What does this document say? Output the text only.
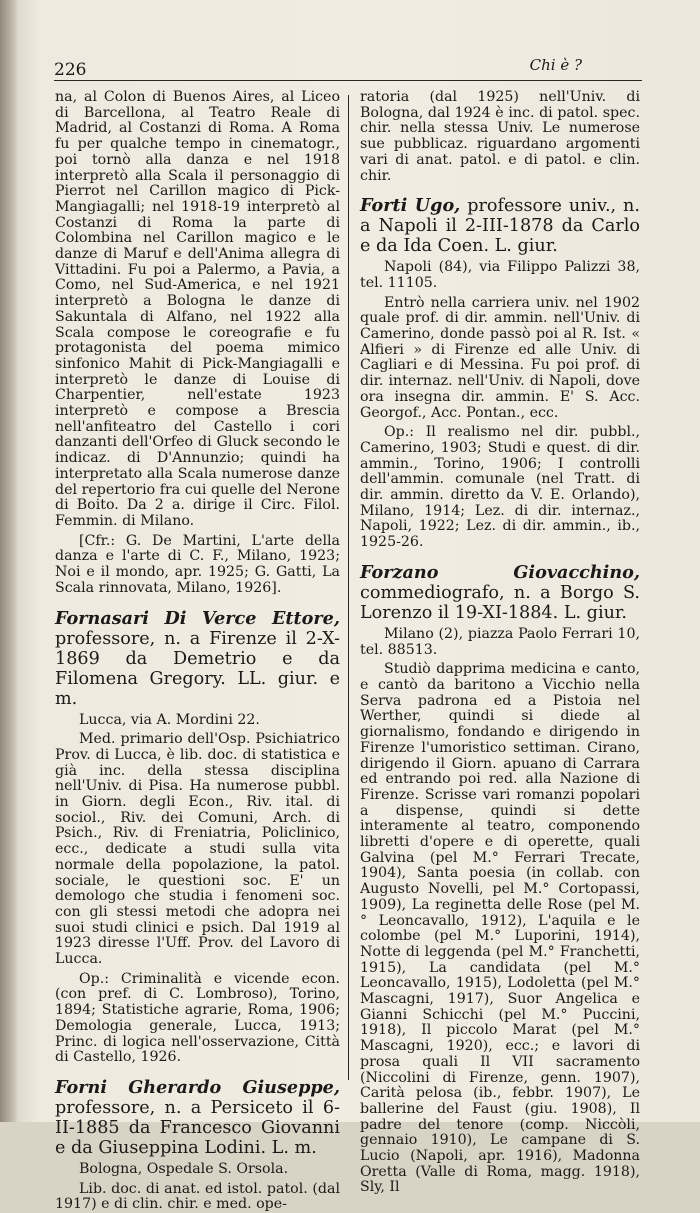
226	Chi è ?

na, al Colon di Buenos Aires, al Liceo di Barcellona, al Teatro Reale di Madrid, al Costanzi di Roma. A Roma fu per qualche tempo in cinematogr., poi tornò alla danza e nel 1918 interpretò alla Scala il personaggio di Pierrot nel Carillon magico di Pick-Mangiagalli; nel 1918-19 interpretò al Costanzi di Roma la parte di Colombina nel Carillon magico e le danze di Maruf e dell'Anima allegra di Vittadini. Fu poi a Palermo, a Pavia, a Como, nel Sud-America, e nel 1921 interpretò a Bologna le danze di Sakuntala di Alfano, nel 1922 alla Scala compose le coreografie e fu protagonista del poema mimico sinfonico Mahit di Pick-Mangiagalli e interpretò le danze di Louise di Charpentier, nell'estate 1923 interpretò e compose a Brescia nell'anfiteatro del Castello i cori danzanti dell'Orfeo di Gluck secondo le indicaz. di D'Annunzio; quindi ha interpretato alla Scala numerose danze del repertorio fra cui quelle del Nerone di Boito. Da 2 a. dirige il Circ. Filol. Femmin. di Milano.

[Cfr.: G. De Martini, L'arte della danza e l'arte di C. F., Milano, 1923; Noi e il mondo, apr. 1925; G. Gatti, La Scala rinnovata, Milano, 1926].

Fornasari Di Verce Ettore, professore, n. a Firenze il 2-X-1869 da Demetrio e da Filomena Gregory. LL. giur. e m.

Lucca, via A. Mordini 22.

Med. primario dell'Osp. Psichiatrico Prov. di Lucca, è lib. doc. di statistica e già inc. della stessa disciplina nell'Univ. di Pisa. Ha numerose pubbl. in Giorn. degli Econ., Riv. ital. di sociol., Riv. dei Comuni, Arch. di Psich., Riv. di Freniatria, Policlinico, ecc., dedicate a studi sulla vita normale della popolazione, la patol. sociale, le questioni soc. E' un demologo che studia i fenomeni soc. con gli stessi metodi che adopra nei suoi studi clinici e psich. Dal 1919 al 1923 diresse l'Uff. Prov. del Lavoro di Lucca.

Op.: Criminalità e vicende econ. (con pref. di C. Lombroso), Torino, 1894; Statistiche agrarie, Roma, 1906; Demologia generale, Lucca, 1913; Princ. di logica nell'osservazione, Città di Castello, 1926.

Forni Gherardo Giuseppe, professore, n. a Persiceto il 6-II-1885 da Francesco Giovanni e da Giuseppina Lodini. L. m.

Bologna, Ospedale S. Orsola.

Lib. doc. di anat. ed istol. patol. (dal 1917) e di clin. chir. e med. ope-

ratoria (dal 1925) nell'Univ. di Bologna, dal 1924 è inc. di patol. spec. chir. nella stessa Univ. Le numerose sue pubblicaz. riguardano argomenti vari di anat. patol. e di patol. e clin. chir.

Forti Ugo, professore univ., n. a Napoli il 2-III-1878 da Carlo e da Ida Coen. L. giur.

Napoli (84), via Filippo Palizzi 38, tel. 11105.

Entrò nella carriera univ. nel 1902 quale prof. di dir. ammin. nell'Univ. di Camerino, donde passò poi al R. Ist. « Alfieri » di Firenze ed alle Univ. di Cagliari e di Messina. Fu poi prof. di dir. internaz. nell'Univ. di Napoli, dove ora insegna dir. ammin. E' S. Acc. Georgof., Acc. Pontan., ecc.

Op.: Il realismo nel dir. pubbl., Camerino, 1903; Studi e quest. di dir. ammin., Torino, 1906; I controlli dell'ammin. comunale (nel Tratt. di dir. ammin. diretto da V. E. Orlando), Milano, 1914; Lez. di dir. internaz., Napoli, 1922; Lez. di dir. ammin., ib., 1925-26.

Forzano Giovacchino, commediografo, n. a Borgo S. Lorenzo il 19-XI-1884. L. giur.

Milano (2), piazza Paolo Ferrari 10, tel. 88513.

Studiò dapprima medicina e canto, e cantò da baritono a Vicchio nella Serva padrona ed a Pistoia nel Werther, quindi si diede al giornalismo, fondando e dirigendo in Firenze l'umoristico settiman. Cirano, dirigendo il Giorn. apuano di Carrara ed entrando poi red. alla Nazione di Firenze. Scrisse vari romanzi popolari a dispense, quindi si dette interamente al teatro, componendo libretti d'opere e di operette, quali Galvina (pel M.° Ferrari Trecate, 1904), Santa poesia (in collab. con Augusto Novelli, pel M.° Cortopassi, 1909), La reginetta delle Rose (pel M.° Leoncavallo, 1912), L'aquila e le colombe (pel M.° Luporini, 1914), Notte di leggenda (pel M.° Franchetti, 1915), La candidata (pel M.° Leoncavallo, 1915), Lodoletta (pel M.° Mascagni, 1917), Suor Angelica e Gianni Schicchi (pel M.° Puccini, 1918), Il piccolo Marat (pel M.° Mascagni, 1920), ecc.; e lavori di prosa quali Il VII sacramento (Niccolini di Firenze, genn. 1907), Carità pelosa (ib., febbr. 1907), Le ballerine del Faust (giu. 1908), Il padre del tenore (comp. Niccòli, gennaio 1910), Le campane di S. Lucio (Napoli, apr. 1916), Madonna Oretta (Valle di Roma, magg. 1918), Sly, Il
